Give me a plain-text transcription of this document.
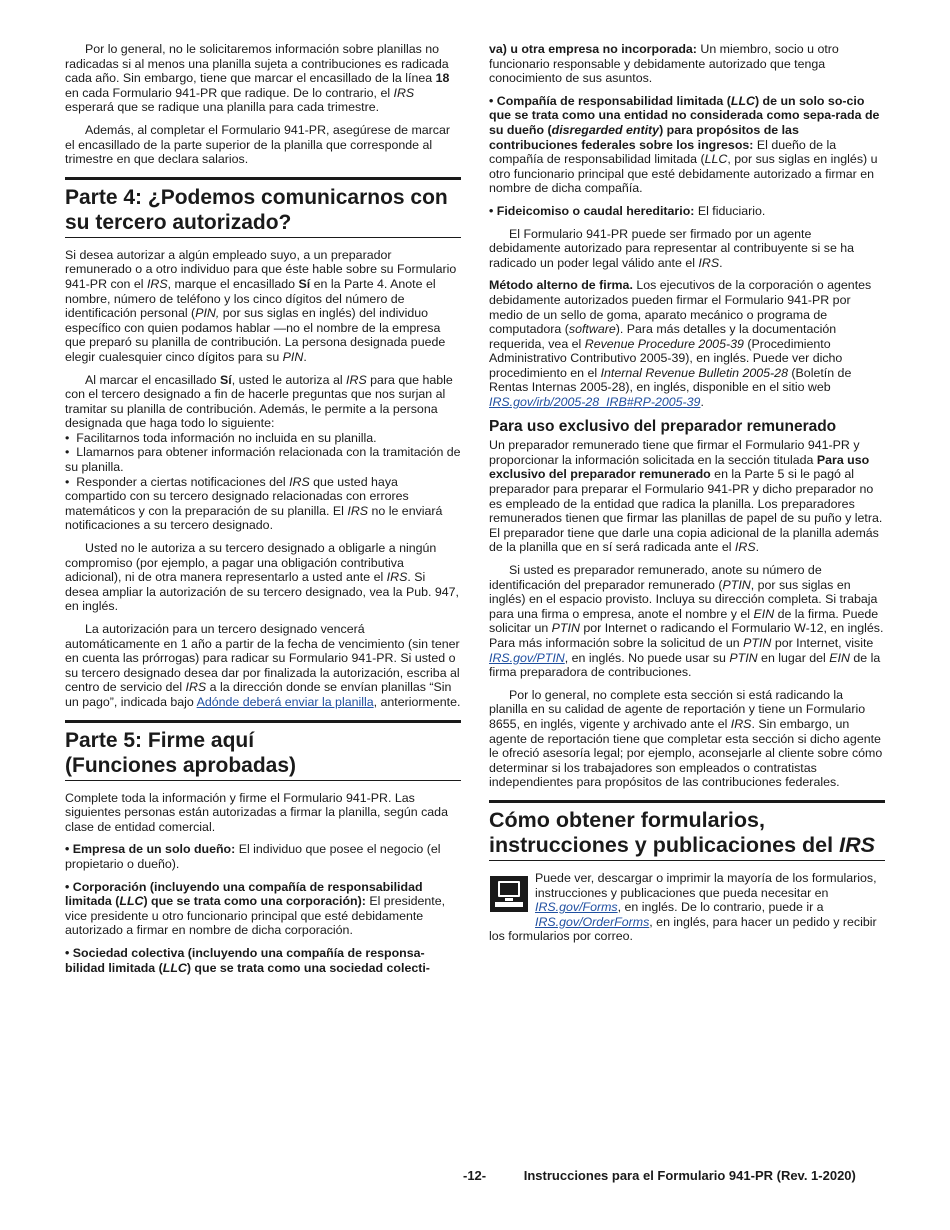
Por lo general, no le solicitaremos información sobre planillas no radicadas si al menos una planilla sujeta a contribuciones es radicada cada año. Sin embargo, tiene que marcar el encasillado de la línea 18 en cada Formulario 941-PR que radique. De lo contrario, el IRS esperará que se radique una planilla para cada trimestre.

Además, al completar el Formulario 941-PR, asegúrese de marcar el encasillado de la parte superior de la planilla que corresponde al trimestre en que declara salarios.

Parte 4: ¿Podemos comunicarnos con su tercero autorizado?

Si desea autorizar a algún empleado suyo, a un preparador remunerado o a otro individuo para que éste hable sobre su Formulario 941-PR con el IRS, marque el encasillado Sí en la Parte 4. Anote el nombre, número de teléfono y los cinco dígitos del número de identificación personal (PIN, por sus siglas en inglés) del individuo específico con quien podamos hablar —no el nombre de la empresa que preparó su planilla de contribución. La persona designada puede elegir cualesquier cinco dígitos para su PIN.

Al marcar el encasillado Sí, usted le autoriza al IRS para que hable con el tercero designado a fin de hacerle preguntas que nos surjan al tramitar su planilla de contribución. Además, le permite a la persona designada que haga todo lo siguiente:
•  Facilitarnos toda información no incluida en su planilla.
•  Llamarnos para obtener información relacionada con la tramitación de su planilla.
•  Responder a ciertas notificaciones del IRS que usted haya compartido con su tercero designado relacionadas con errores matemáticos y con la preparación de su planilla. El IRS no le enviará notificaciones a su tercero designado.

Usted no le autoriza a su tercero designado a obligarle a ningún compromiso (por ejemplo, a pagar una obligación contributiva adicional), ni de otra manera representarlo a usted ante el IRS. Si desea ampliar la autorización de su tercero designado, vea la Pub. 947, en inglés.

La autorización para un tercero designado vencerá automáticamente en 1 año a partir de la fecha de vencimiento (sin tener en cuenta las prórrogas) para radicar su Formulario 941-PR. Si usted o su tercero designado desea dar por finalizada la autorización, escriba al centro de servicio del IRS a la dirección donde se envían planillas “Sin un pago”, indicada bajo Adónde deberá enviar la planilla, anteriormente.

Parte 5: Firme aquí
(Funciones aprobadas)

Complete toda la información y firme el Formulario 941-PR. Las siguientes personas están autorizadas a firmar la planilla, según cada clase de entidad comercial.

• Empresa de un solo dueño: El individuo que posee el negocio (el propietario o dueño).

• Corporación (incluyendo una compañía de responsabilidad limitada (LLC) que se trata como una corporación): El presidente, vice presidente u otro funcionario principal que esté debidamente autorizado a firmar en nombre de dicha corporación.

• Sociedad colectiva (incluyendo una compañía de responsa-bilidad limitada (LLC) que se trata como una sociedad colecti-

va) u otra empresa no incorporada: Un miembro, socio u otro funcionario responsable y debidamente autorizado que tenga conocimiento de sus asuntos.

• Compañía de responsabilidad limitada (LLC) de un solo so-cio que se trata como una entidad no considerada como sepa-rada de su dueño (disregarded entity) para propósitos de las contribuciones federales sobre los ingresos: El dueño de la compañía de responsabilidad limitada (LLC, por sus siglas en inglés) u otro funcionario principal que esté debidamente autorizado a firmar en nombre de dicha compañía.

• Fideicomiso o caudal hereditario: El fiduciario.

El Formulario 941-PR puede ser firmado por un agente debidamente autorizado para representar al contribuyente si se ha radicado un poder legal válido ante el IRS.

Método alterno de firma. Los ejecutivos de la corporación o agentes debidamente autorizados pueden firmar el Formulario 941-PR por medio de un sello de goma, aparato mecánico o programa de computadora (software). Para más detalles y la documentación requerida, vea el Revenue Procedure 2005-39 (Procedimiento Administrativo Contributivo 2005-39), en inglés. Puede ver dicho procedimiento en el Internal Revenue Bulletin 2005-28 (Boletín de Rentas Internas 2005-28), en inglés, disponible en el sitio web IRS.gov/irb/2005-28_IRB#RP-2005-39.

Para uso exclusivo del preparador remunerado

Un preparador remunerado tiene que firmar el Formulario 941-PR y proporcionar la información solicitada en la sección titulada Para uso exclusivo del preparador remunerado en la Parte 5 si le pagó al preparador para preparar el Formulario 941-PR y dicho preparador no es empleado de la entidad que radica la planilla. Los preparadores remunerados tienen que firmar las planillas de papel de su puño y letra. El preparador tiene que darle una copia adicional de la planilla además de la planilla que en sí será radicada ante el IRS.

Si usted es preparador remunerado, anote su número de identificación del preparador remunerado (PTIN, por sus siglas en inglés) en el espacio provisto. Incluya su dirección completa. Si trabaja para una firma o empresa, anote el nombre y el EIN de la firma. Puede solicitar un PTIN por Internet o radicando el Formulario W-12, en inglés. Para más información sobre la solicitud de un PTIN por Internet, visite IRS.gov/PTIN, en inglés. No puede usar su PTIN en lugar del EIN de la firma preparadora de contribuciones.

Por lo general, no complete esta sección si está radicando la planilla en su calidad de agente de reportación y tiene un Formulario 8655, en inglés, vigente y archivado ante el IRS. Sin embargo, un agente de reportación tiene que completar esta sección si dicho agente le ofreció asesoría legal; por ejemplo, aconsejarle al cliente sobre cómo determinar si los trabajadores son empleados o contratistas independientes para propósitos de las contribuciones federales.

Cómo obtener formularios, instrucciones y publicaciones del IRS
Puede ver, descargar o imprimir la mayoría de los formularios, instrucciones y publicaciones que pueda necesitar en IRS.gov/Forms, en inglés. De lo contrario, puede ir a IRS.gov/OrderForms, en inglés, para hacer un pedido y recibir los formularios por correo.
-12-	Instrucciones para el Formulario 941-PR (Rev. 1-2020)
